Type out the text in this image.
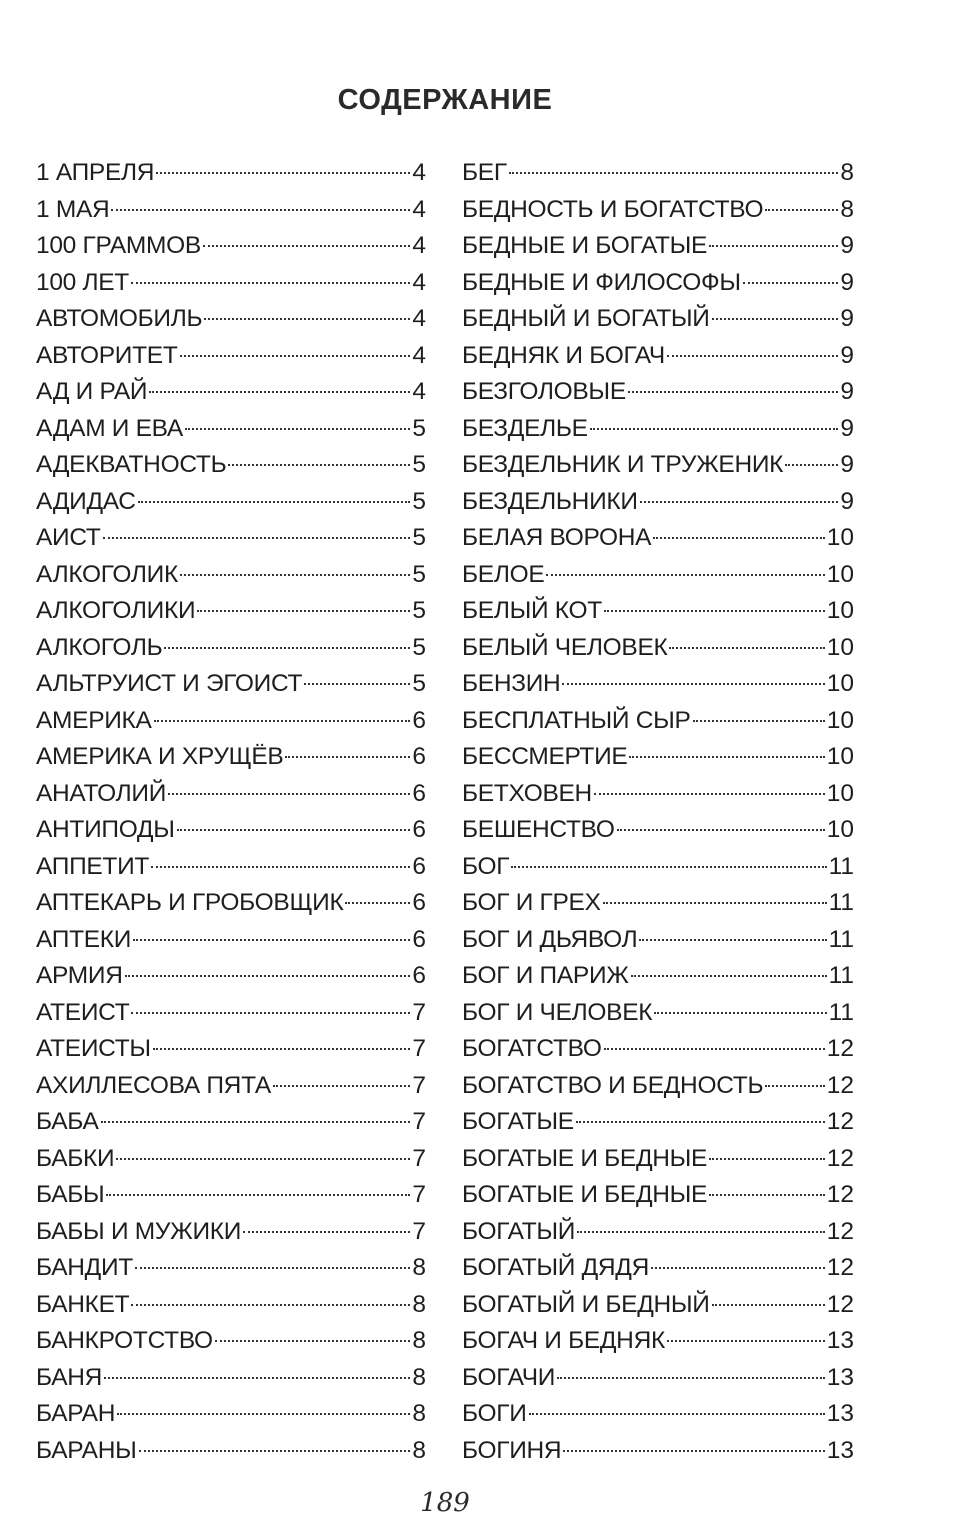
СОДЕРЖАНИЕ
1 АПРЕЛЯ	4
1 МАЯ	4
100 ГРАММОВ	4
100 ЛЕТ	4
АВТОМОБИЛЬ	4
АВТОРИТЕТ	4
АД И РАЙ	4
АДАМ И ЕВА	5
АДЕКВАТНОСТЬ	5
АДИДАС	5
АИСТ	5
АЛКОГОЛИК	5
АЛКОГОЛИКИ	5
АЛКОГОЛЬ	5
АЛЬТРУИСТ И ЭГОИСТ	5
АМЕРИКА	6
АМЕРИКА И ХРУЩЁВ	6
АНАТОЛИЙ	6
АНТИПОДЫ	6
АППЕТИТ	6
АПТЕКАРЬ И ГРОБОВЩИК	6
АПТЕКИ	6
АРМИЯ	6
АТЕИСТ	7
АТЕИСТЫ	7
АХИЛЛЕСОВА ПЯТА	7
БАБА	7
БАБКИ	7
БАБЫ	7
БАБЫ И МУЖИКИ	7
БАНДИТ	8
БАНКЕТ	8
БАНКРОТСТВО	8
БАНЯ	8
БАРАН	8
БАРАНЫ	8
БЕГ	8
БЕДНОСТЬ И БОГАТСТВО	8
БЕДНЫЕ И БОГАТЫЕ	9
БЕДНЫЕ И ФИЛОСОФЫ	9
БЕДНЫЙ И БОГАТЫЙ	9
БЕДНЯК И БОГАЧ	9
БЕЗГОЛОВЫЕ	9
БЕЗДЕЛЬЕ	9
БЕЗДЕЛЬНИК И ТРУЖЕНИК 9
БЕЗДЕЛЬНИКИ	9
БЕЛАЯ ВОРОНА	10
БЕЛОЕ	10
БЕЛЫЙ КОТ	10
БЕЛЫЙ ЧЕЛОВЕК	10
БЕНЗИН	10
БЕСПЛАТНЫЙ СЫР	10
БЕССМЕРТИЕ	10
БЕТХОВЕН	10
БЕШЕНСТВО	10
БОГ	11
БОГ И ГРЕХ	11
БОГ И ДЬЯВОЛ	11
БОГ И ПАРИЖ	11
БОГ И ЧЕЛОВЕК	11
БОГАТСТВО	12
БОГАТСТВО И БЕДНОСТЬ	12
БОГАТЫЕ	12
БОГАТЫЕ И БЕДНЫЕ	12
БОГАТЫЕ И БЕДНЫЕ	12
БОГАТЫЙ	12
БОГАТЫЙ ДЯДЯ	12
БОГАТЫЙ И БЕДНЫЙ	12
БОГАЧ И БЕДНЯК	13
БОГАЧИ	13
БОГИ	13
БОГИНЯ	13
189
